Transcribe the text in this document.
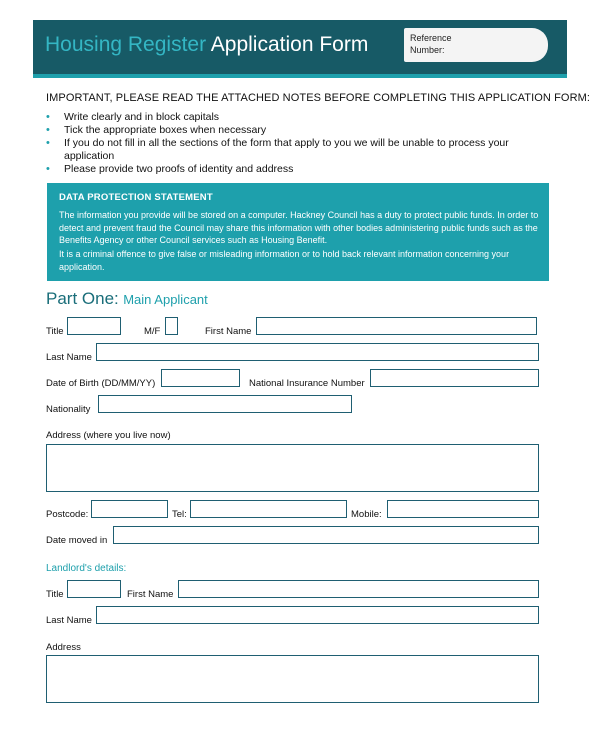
Housing Register Application Form	Reference Number:
IMPORTANT, PLEASE READ THE ATTACHED NOTES BEFORE COMPLETING THIS APPLICATION FORM:
• Write clearly and in block capitals
• Tick the appropriate boxes when necessary
• If you do not fill in all the sections of the form that apply to you we will be unable to process your application
• Please provide two proofs of identity and address
DATA PROTECTION STATEMENT
The information you provide will be stored on a computer. Hackney Council has a duty to protect public funds. In order to detect and prevent fraud the Council may share this information with other bodies administering public funds such as the Benefits Agency or other Council services such as Housing Benefit.
It is a criminal offence to give false or misleading information or to hold back relevant information concerning your application.
Part One: Main Applicant
Title	M/F	First Name
Last Name
Date of Birth (DD/MM/YY)	National Insurance Number
Nationality
Address (where you live now)
Postcode:	Tel:	Mobile:
Date moved in
Landlord's details:
Title	First Name
Last Name
Address
